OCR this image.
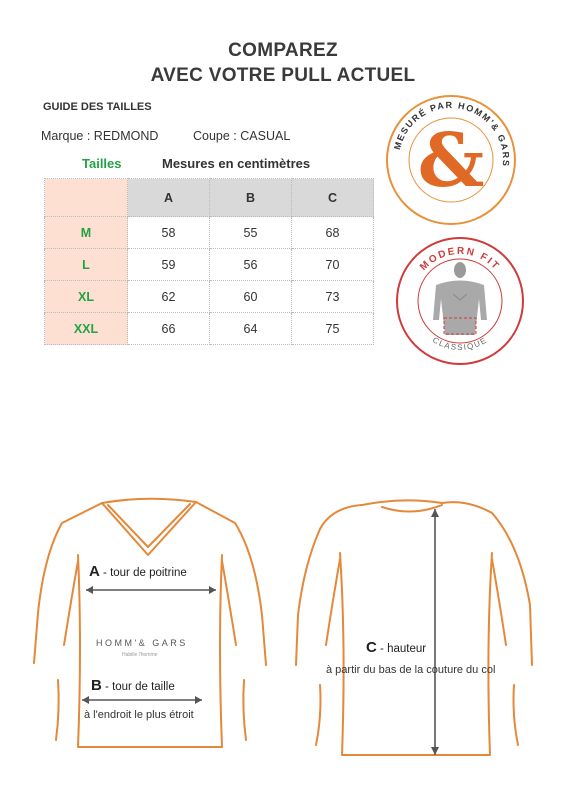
COMPAREZ
AVEC VOTRE PULL ACTUEL
GUIDE DES TAILLES
Marque : REDMOND	Coupe : CASUAL
Tailles	Mesures en centimètres
	A	B	C
M	58	55	68
L	59	56	70
XL	62	60	73
XXL	66	64	75
MESURÉ PAR HOMM'& GARS
&
MODERN FIT
CLASSIQUE
A - tour de poitrine
HOMM'& GARS
Habille l'homme
B - tour de taille
à l'endroit le plus étroit
C - hauteur
à partir du bas de la couture du col
